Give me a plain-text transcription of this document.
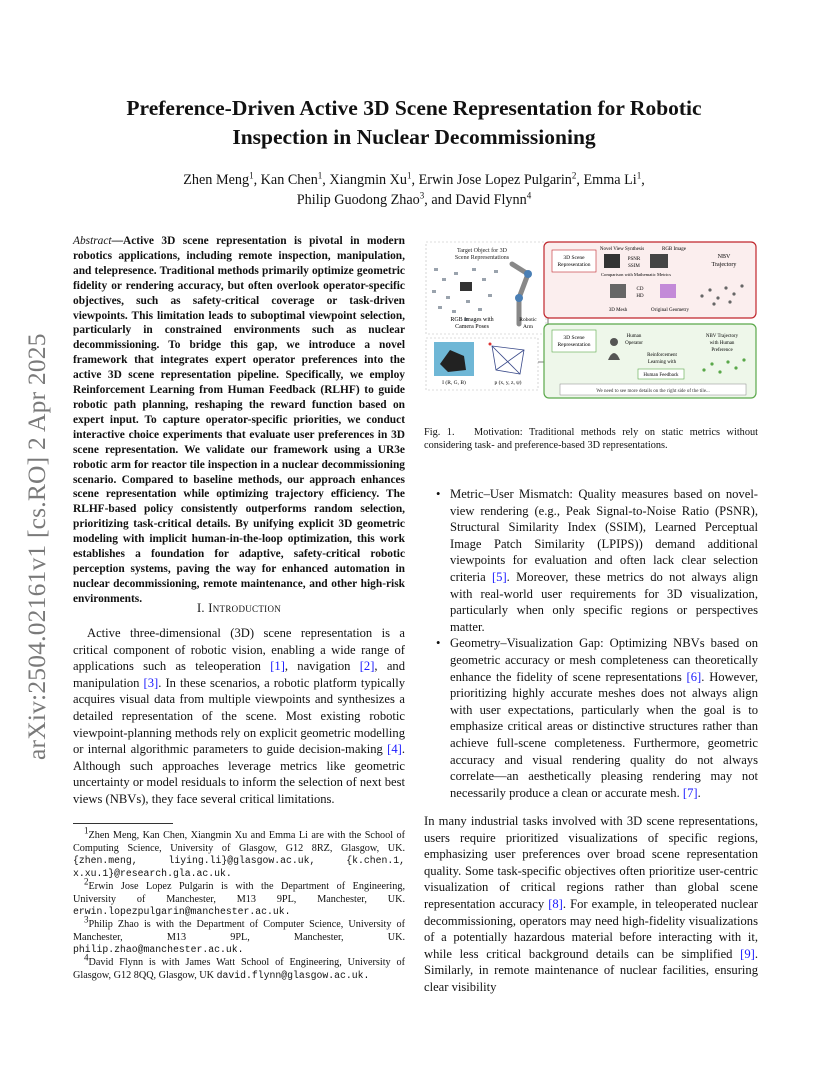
arXiv:2504.02161v1 [cs.RO] 2 Apr 2025
Preference-Driven Active 3D Scene Representation for Robotic
Inspection in Nuclear Decommissioning
Zhen Meng$^1$, Kan Chen$^1$, Xiangmin Xu$^1$, Erwin Jose Lopez Pulgarin$^2$, Emma Li$^1$,
Philip Guodong Zhao$^3$, and David Flynn$^4$
Abstract—Active 3D scene representation is pivotal in modern robotics applications, including remote inspection, manipulation, and telepresence. Traditional methods primarily optimize geometric fidelity or rendering accuracy, but often overlook operator-specific objectives, such as safety-critical coverage or task-driven viewpoints. This limitation leads to suboptimal viewpoint selection, particularly in constrained environments such as nuclear decommissioning. To bridge this gap, we introduce a novel framework that integrates expert operator preferences into the active 3D scene representation pipeline. Specifically, we employ Reinforcement Learning from Human Feedback (RLHF) to guide robotic path planning, reshaping the reward function based on expert input. To capture operator-specific priorities, we conduct interactive choice experiments that evaluate user preferences in 3D scene representation. We validate our framework using a UR3e robotic arm for reactor tile inspection in a nuclear decommissioning scenario. Compared to baseline methods, our approach enhances scene representation while optimizing trajectory efficiency. The RLHF-based policy consistently outperforms random selection, prioritizing task-critical details. By unifying explicit 3D geometric modeling with implicit human-in-the-loop optimization, this work establishes a foundation for adaptive, safety-critical robotic perception systems, paving the way for enhanced automation in nuclear decommissioning, remote maintenance, and other high-risk environments.
I. Introduction

Active three-dimensional (3D) scene representation is a critical component of robotic vision, enabling a wide range of applications such as teleoperation [1], navigation [2], and manipulation [3]. In these scenarios, a robotic platform typically acquires visual data from multiple viewpoints and synthesizes a detailed representation of the scene. Most existing robotic viewpoint-planning methods rely on explicit geometric modelling or internal algorithmic parameters to guide decision-making [4]. Although such approaches leverage metrics like geometric uncertainty or model residuals to inform the selection of next best views (NBVs), they face several critical limitations.

$^1$Zhen Meng, Kan Chen, Xiangmin Xu and Emma Li are with the School of Computing Science, University of Glasgow, G12 8RZ, Glasgow, UK. {zhen.meng, liying.li}@glasgow.ac.uk, {k.chen.1, x.xu.1}@research.gla.ac.uk.

$^2$Erwin Jose Lopez Pulgarin is with the Department of Engineering, University of Manchester, M13 9PL, Manchester, UK. erwin.lopezpulgarin@manchester.ac.uk.

$^3$Philip Zhao is with the Department of Computer Science, University of Manchester, M13 9PL, Manchester, UK. philip.zhao@manchester.ac.uk.

$^4$David Flynn is with James Watt School of Engineering, University of Glasgow, G12 8QQ, Glasgow, UK david.flynn@glasgow.ac.uk.

Target Object for 3D
Scene Representations
RGB Images with
Camera Poses
Robotic
Arm
I (R, G, B)	p (x, y, z, ψ)
3D Scene
Representation
Novel View Synthesis	RGB Image
PSNR
SSIM
Comparison with Mathematic Metrics
NBV
Trajectory
CD
HD
3D Mesh	Original Geometry
3D Scene
Representation
Human
Operator
Reinforcement
Learning with
Human Feedback
NBV Trajectory
with Human
Preference
We need to see more details on the right side of the tile...
Fig. 1. Motivation: Traditional methods rely on static metrics without considering task- and preference-based 3D representations.
• Metric–User Mismatch: Quality measures based on novel-view rendering (e.g., Peak Signal-to-Noise Ratio (PSNR), Structural Similarity Index (SSIM), Learned Perceptual Image Patch Similarity (LPIPS)) demand additional viewpoints for evaluation and often lack clear selection criteria [5]. Moreover, these metrics do not always align with real-world user requirements for 3D visualization, particularly when only specific regions or perspectives matter.
• Geometry–Visualization Gap: Optimizing NBVs based on geometric accuracy or mesh completeness can theoretically enhance the fidelity of scene representations [6]. However, prioritizing highly accurate meshes does not always align with user expectations, particularly when the goal is to emphasize critical areas or distinctive structures rather than achieve full-scene completeness. Furthermore, geometric accuracy and visual rendering quality do not always correlate—an aesthetically pleasing rendering may not necessarily produce a clean or accurate mesh. [7].

In many industrial tasks involved with 3D scene representations, users require prioritized visualizations of specific regions, emphasizing user preferences over broad scene representation quality. Some task-specific objectives often prioritize user-centric visualization of critical regions rather than global scene representation accuracy [8]. For example, in teleoperated nuclear decommissioning, operators may need high-fidelity visualizations of a potentially hazardous material before interacting with it, while less critical background details can be simplified [9]. Similarly, in remote maintenance of nuclear facilities, ensuring clear visibility
